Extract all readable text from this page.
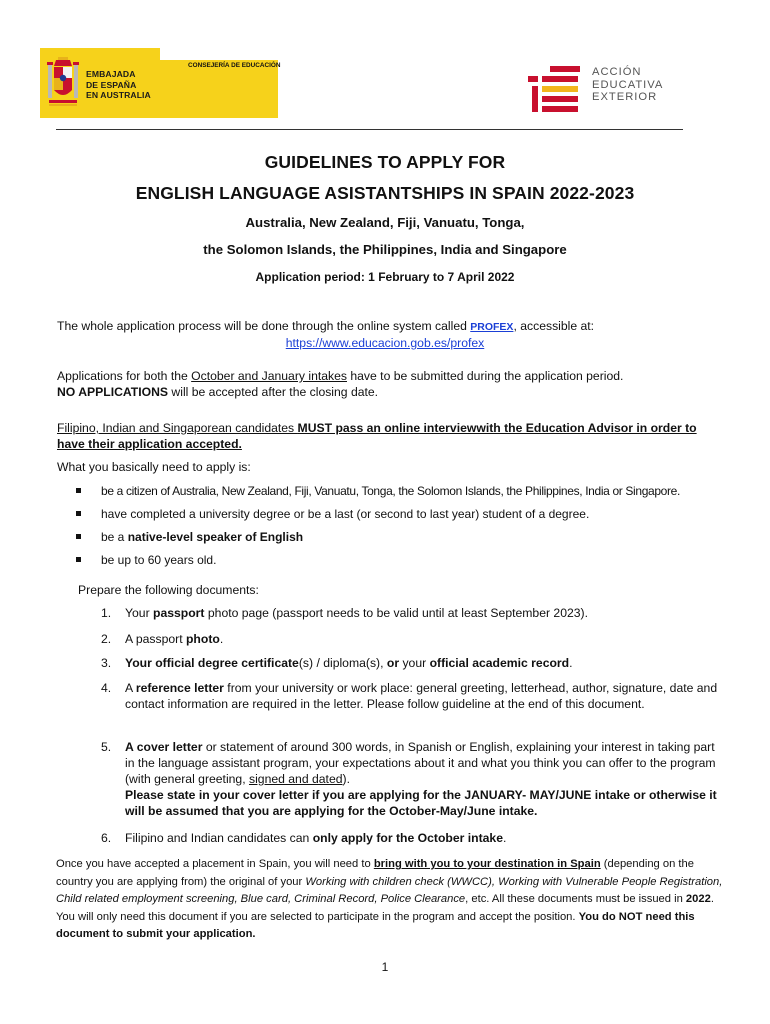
EMBAJADA
DE ESPAÑA
EN AUSTRALIA
CONSEJERÍA DE EDUCACIÓN
ACCIÓN
EDUCATIVA
EXTERIOR
GUIDELINES TO APPLY FOR
ENGLISH LANGUAGE ASISTANTSHIPS IN SPAIN 2022-2023
Australia, New Zealand, Fiji, Vanuatu, Tonga,
the Solomon Islands, the Philippines, India and Singapore
Application period: 1 February to 7 April 2022
The whole application process will be done through the online system called PROFEX, accessible at:
https://www.educacion.gob.es/profex
Applications for both the October and January intakes have to be submitted during the application period.
NO APPLICATIONS will be accepted after the closing date.
Filipino, Indian and Singaporean candidates MUST pass an online interviewwith the Education Advisor in order to have their application accepted.
What you basically need to apply is:
be a citizen of Australia, New Zealand, Fiji, Vanuatu, Tonga, the Solomon Islands, the Philippines, India or Singapore.
have completed a university degree or be a last (or second to last year) student of a degree.
be a native-level speaker of English
be up to 60 years old.
Prepare the following documents:
1. Your passport photo page (passport needs to be valid until at least September 2023).
2. A passport photo.
3. Your official degree certificate(s) / diploma(s), or your official academic record.
4. A reference letter from your university or work place: general greeting, letterhead, author, signature, date and contact information are required in the letter. Please follow guideline at the end of this document.
5. A cover letter or statement of around 300 words, in Spanish or English, explaining your interest in taking part in the language assistant program, your expectations about it and what you think you can offer to the program (with general greeting, signed and dated).
Please state in your cover letter if you are applying for the JANUARY- MAY/JUNE intake or otherwise it will be assumed that you are applying for the October-May/June intake.
6. Filipino and Indian candidates can only apply for the October intake.
Once you have accepted a placement in Spain, you will need to bring with you to your destination in Spain (depending on the country you are applying from) the original of your Working with children check (WWCC), Working with Vulnerable People Registration, Child related employment screening, Blue card, Criminal Record, Police Clearance, etc. All these documents must be issued in 2022. You will only need this document if you are selected to participate in the program and accept the position. You do NOT need this document to submit your application.
1
